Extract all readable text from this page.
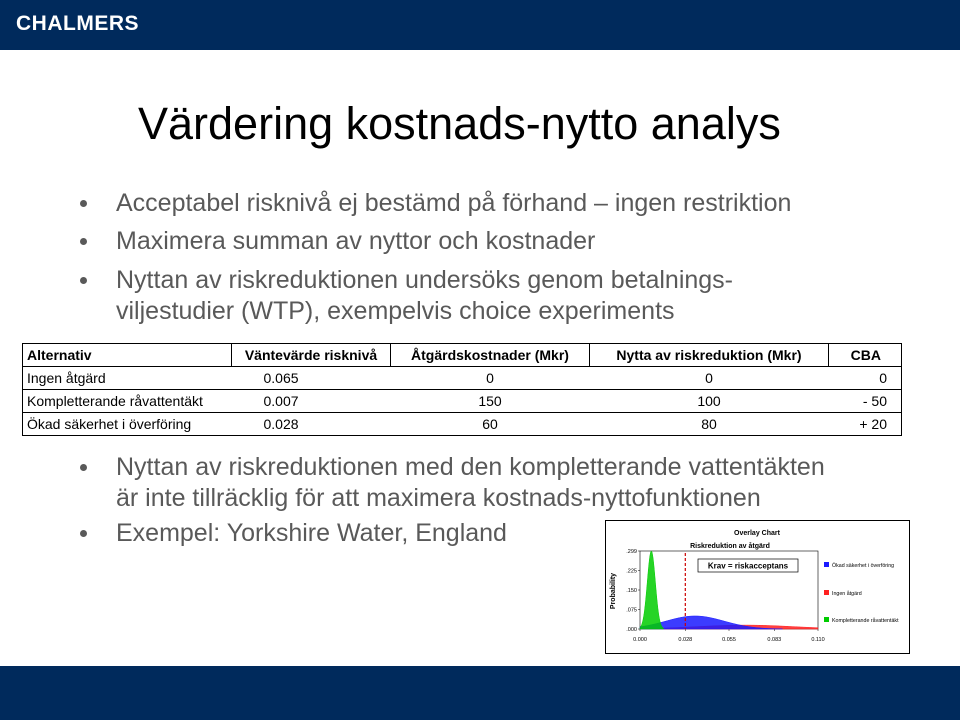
CHALMERS
Värdering kostnads-nytto analys
Acceptabel risknivå ej bestämd på förhand – ingen restriktion
Maximera summan av nyttor och kostnader
Nyttan av riskreduktionen undersöks genom betalnings-
viljestudier (WTP), exempelvis choice experiments
Alternativ	Väntevärde risknivå	Åtgärdskostnader (Mkr)	Nytta av riskreduktion (Mkr)	CBA
Ingen åtgärd	0.065	0	0	0
Kompletterande råvattentäkt	0.007	150	100	- 50
Ökad säkerhet i överföring	0.028	60	80	+ 20
Nyttan av riskreduktionen med den kompletterande vattentäkten
är inte tillräcklig för att maximera kostnads-nyttofunktionen
Exempel: Yorkshire Water, England	Overlay Chart
Riskreduktion av åtgärd
Probability
.000
.075
.150
.225
.299
0.000	0.028	0.055	0.083	0.110
Krav = riskacceptans	Ökad säkerhet i överföring
Ingen åtgärd
Kompletterande råvattentäkt
